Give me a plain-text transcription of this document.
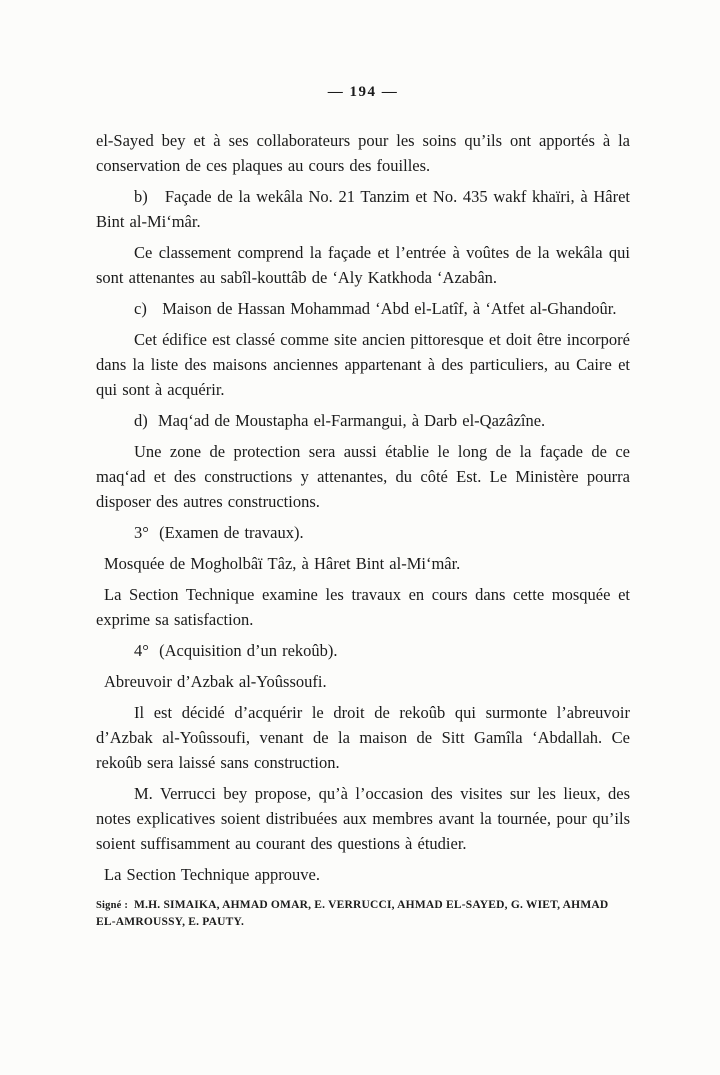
— 194 —

el-Sayed bey et à ses collaborateurs pour les soins qu’ils ont apportés à la conservation de ces plaques au cours des fouilles.

b)   Façade de la wekâla No. 21 Tanzim et No. 435 wakf khaïri, à Hâret Bint al-Mi‘mâr.

Ce classement comprend la façade et l’entrée à voûtes de la wekâla qui sont attenantes au sabîl-kouttâb de ‘Aly Katkhoda ‘Azabân.

c)   Maison de Hassan Mohammad ‘Abd el-Latîf, à ‘Atfet al-Ghandoûr.

Cet édifice est classé comme site ancien pittoresque et doit être incorporé dans la liste des maisons anciennes appartenant à des particuliers, au Caire et qui sont à acquérir.

d)  Maq‘ad de Moustapha el-Farmangui, à Darb el-Qazâzîne.

Une zone de protection sera aussi établie le long de la façade de ce maq‘ad et des constructions y attenantes, du côté Est. Le Ministère pourra disposer des autres constructions.

3°  (Examen de travaux).

Mosquée de Mogholbâï Tâz, à Hâret Bint al-Mi‘mâr.

La Section Technique examine les travaux en cours dans cette mosquée et exprime sa satisfaction.

4°  (Acquisition d’un rekoûb).

Abreuvoir d’Azbak al-Yoûssoufi.

Il est décidé d’acquérir le droit de rekoûb qui surmonte l’abreuvoir d’Azbak al-Yoûssoufi, venant de la maison de Sitt Gamîla ‘Abdallah. Ce rekoûb sera laissé sans construction.

M. Verrucci bey propose, qu’à l’occasion des visites sur les lieux, des notes explicatives soient distribuées aux membres avant la tournée, pour qu’ils soient suffisamment au courant des questions à étudier.

La Section Technique approuve.

Signé : M.H. SIMAIKA, AHMAD OMAR, E. VERRUCCI, AHMAD EL-SAYED, G. WIET, AHMAD EL-AMROUSSY, E. PAUTY.
